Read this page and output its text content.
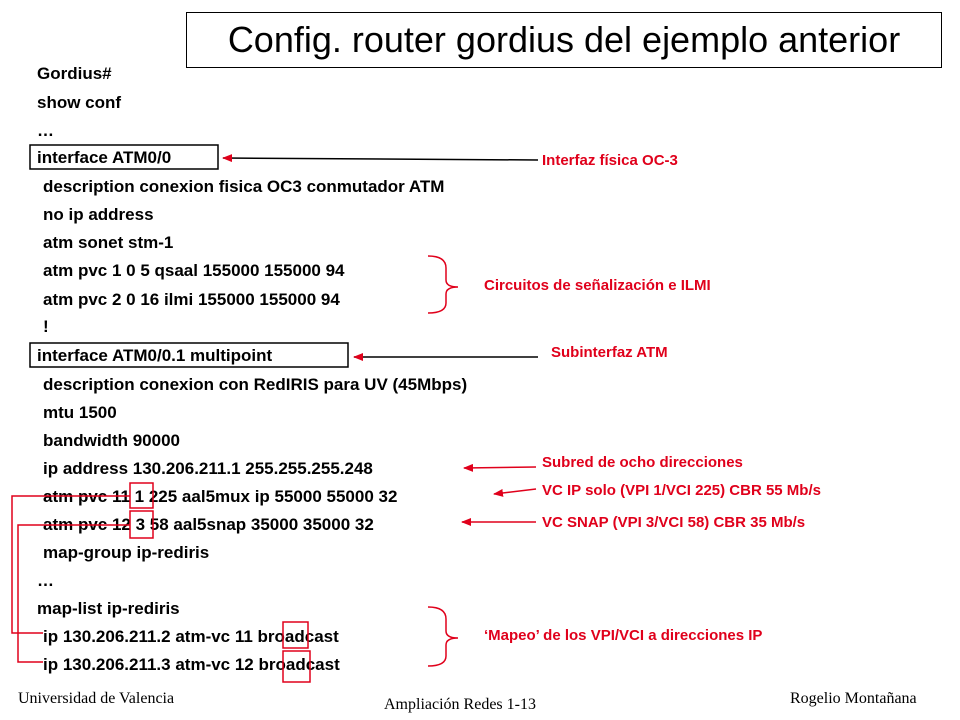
Config. router gordius del ejemplo anterior
Gordius#
show conf
…
interface ATM0/0
description conexion fisica OC3 conmutador ATM
no ip address
atm sonet stm-1
atm pvc 1 0 5 qsaal 155000 155000 94
atm pvc 2 0 16 ilmi 155000 155000 94
!
interface ATM0/0.1 multipoint
description conexion con RedIRIS para UV (45Mbps)
mtu 1500
bandwidth 90000
ip address 130.206.211.1 255.255.255.248
atm pvc 11 1 225 aal5mux ip 55000 55000 32
atm pvc 12 3 58 aal5snap 35000 35000 32
map-group ip-rediris
…
map-list ip-rediris
ip 130.206.211.2 atm-vc 11 broadcast
ip 130.206.211.3 atm-vc 12 broadcast
Interfaz física OC-3
Circuitos de señalización e ILMI
Subinterfaz ATM
Subred de ocho direcciones
VC IP solo (VPI 1/VCI 225) CBR 55 Mb/s
VC SNAP (VPI 3/VCI 58) CBR 35 Mb/s
‘Mapeo’ de los VPI/VCI a direcciones IP
Universidad de Valencia	Ampliación Redes 1-13	Rogelio Montañana
